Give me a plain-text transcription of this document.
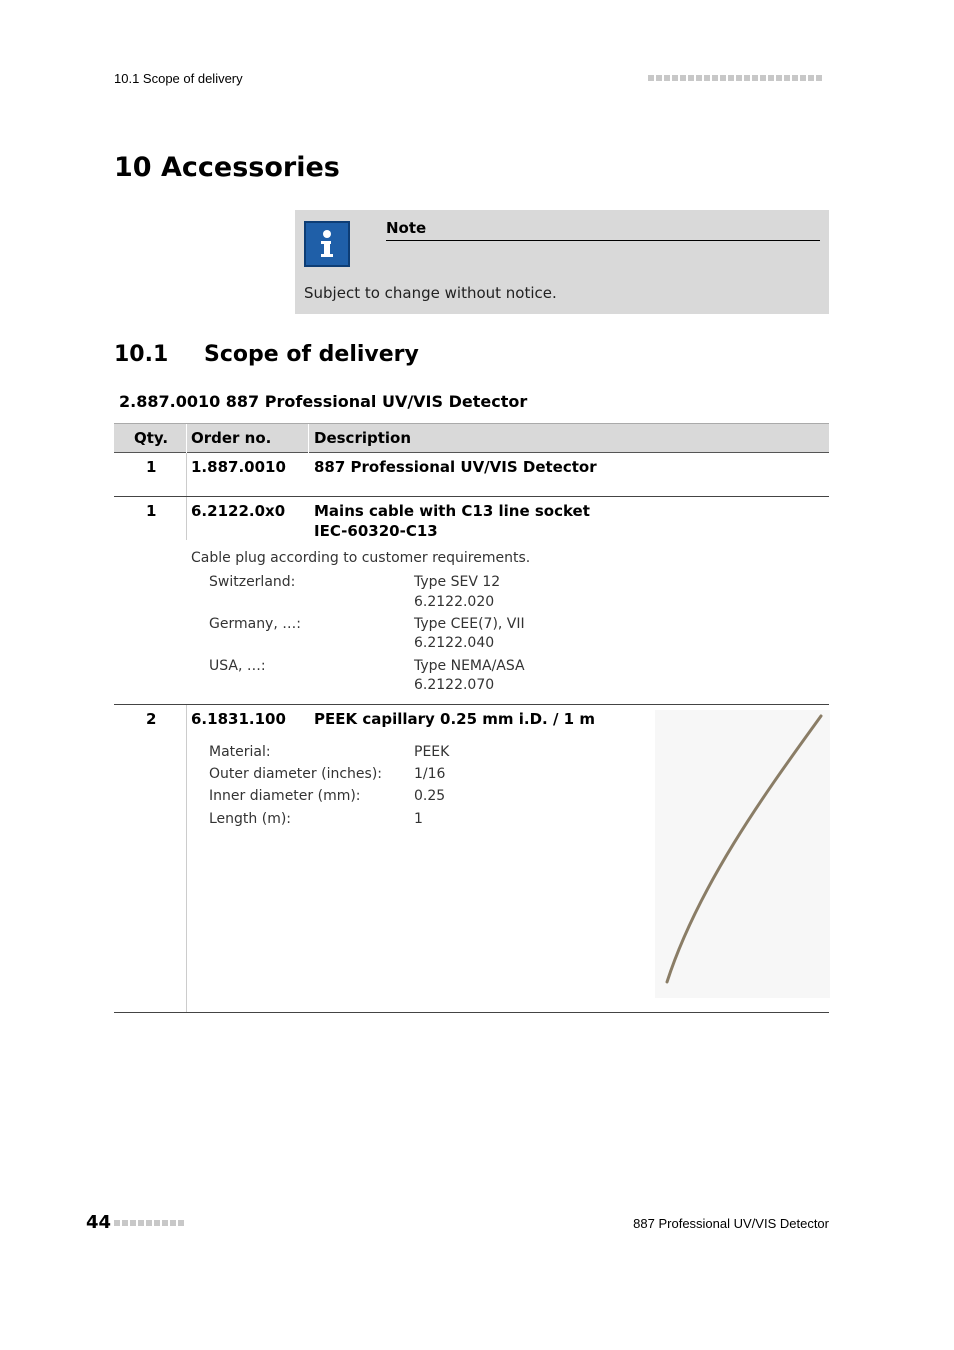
10.1 Scope of delivery
10 Accessories
Note
Subject to change without notice.
10.1 Scope of delivery
2.887.0010 887 Professional UV/VIS Detector
Qty. Order no.	Description
1 1.887.0010 887 Professional UV/VIS Detector
1 6.2122.0x0 Mains cable with C13 line socket
IEC-60320-C13
Cable plug according to customer requirements.
Switzerland:	Type SEV 12
6.2122.020
Germany, …:	Type CEE(7), VII
6.2122.040
USA, …:	Type NEMA/ASA
6.2122.070
2 6.1831.100 PEEK capillary 0.25 mm i.D. / 1 m
Material:	PEEK
Outer diameter (inches): 1/16
Inner diameter (mm):	0.25
Length (m):	1
44	887 Professional UV/VIS Detector
